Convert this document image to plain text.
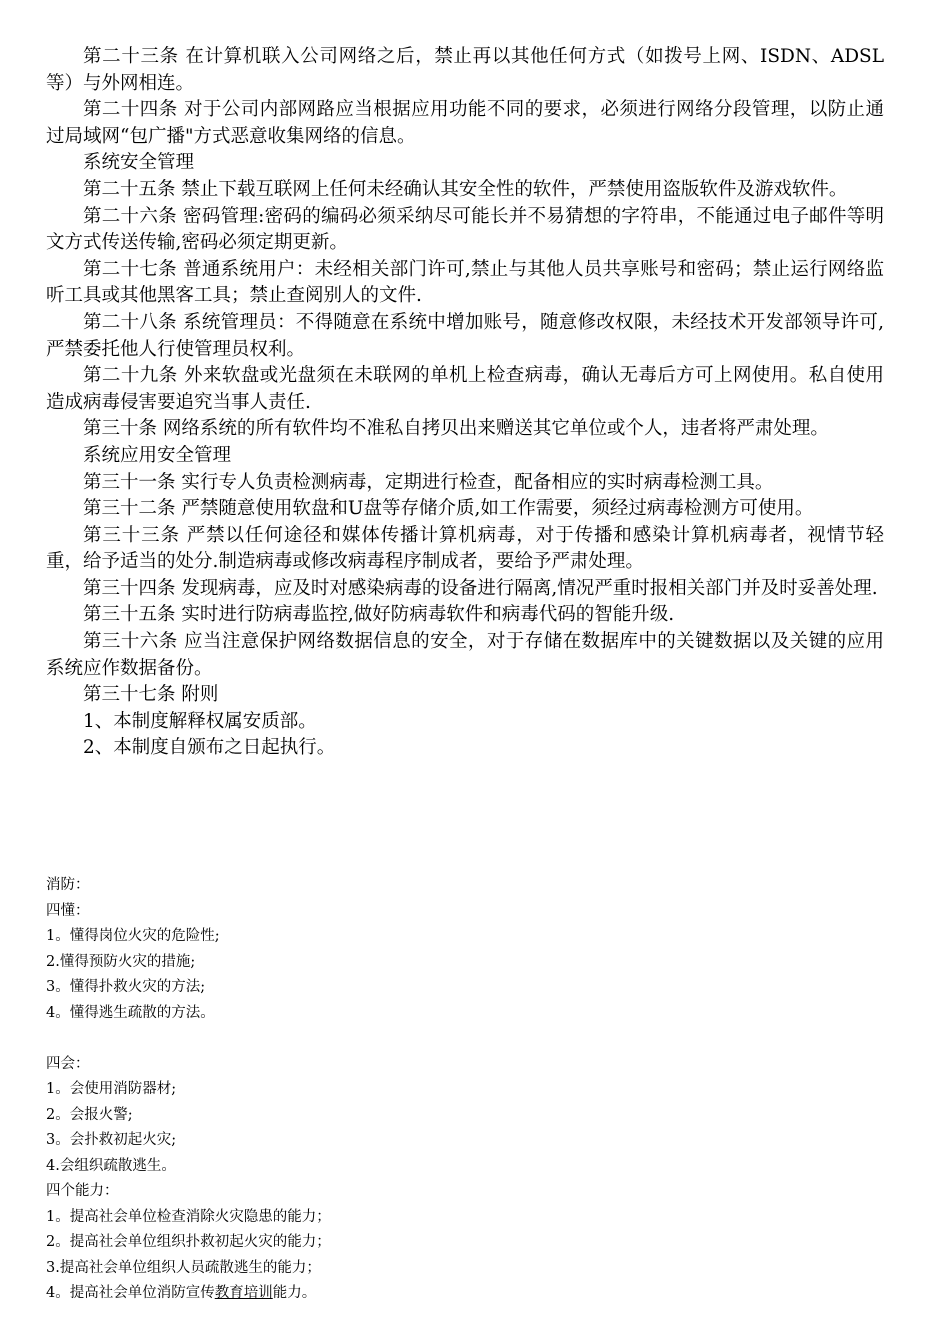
第二十三条 在计算机联入公司网络之后，禁止再以其他任何方式（如拨号上网、ISDN、ADSL等）与外网相连。

第二十四条 对于公司内部网路应当根据应用功能不同的要求，必须进行网络分段管理，以防止通过局域网“包广播"方式恶意收集网络的信息。

系统安全管理

第二十五条 禁止下载互联网上任何未经确认其安全性的软件，严禁使用盗版软件及游戏软件。

第二十六条 密码管理:密码的编码必须采纳尽可能长并不易猜想的字符串，不能通过电子邮件等明文方式传送传输,密码必须定期更新。

第二十七条 普通系统用户：未经相关部门许可,禁止与其他人员共享账号和密码；禁止运行网络监听工具或其他黑客工具；禁止查阅别人的文件.

第二十八条 系统管理员：不得随意在系统中增加账号，随意修改权限，未经技术开发部领导许可,严禁委托他人行使管理员权利。

第二十九条 外来软盘或光盘须在未联网的单机上检查病毒，确认无毒后方可上网使用。私自使用造成病毒侵害要追究当事人责任.

第三十条 网络系统的所有软件均不准私自拷贝出来赠送其它单位或个人，违者将严肃处理。

系统应用安全管理

第三十一条 实行专人负责检测病毒，定期进行检查，配备相应的实时病毒检测工具。

第三十二条 严禁随意使用软盘和U盘等存储介质,如工作需要，须经过病毒检测方可使用。

第三十三条 严禁以任何途径和媒体传播计算机病毒，对于传播和感染计算机病毒者，视情节轻重，给予适当的处分.制造病毒或修改病毒程序制成者，要给予严肃处理。

第三十四条 发现病毒，应及时对感染病毒的设备进行隔离,情况严重时报相关部门并及时妥善处理.

第三十五条 实时进行防病毒监控,做好防病毒软件和病毒代码的智能升级.

第三十六条 应当注意保护网络数据信息的安全，对于存储在数据库中的关键数据以及关键的应用系统应作数据备份。

第三十七条 附则

1、本制度解释权属安质部。

2、本制度自颁布之日起执行。

消防：

四懂：

1。懂得岗位火灾的危险性;

2.懂得预防火灾的措施;

3。懂得扑救火灾的方法;

4。懂得逃生疏散的方法。

四会：

1。会使用消防器材;

2。会报火警;

3。会扑救初起火灾;

4.会组织疏散逃生。

四个能力：

1。提高社会单位检查消除火灾隐患的能力；

2。提高社会单位组织扑救初起火灾的能力；

3.提高社会单位组织人员疏散逃生的能力；

4。提高社会单位消防宣传教育培训能力。
